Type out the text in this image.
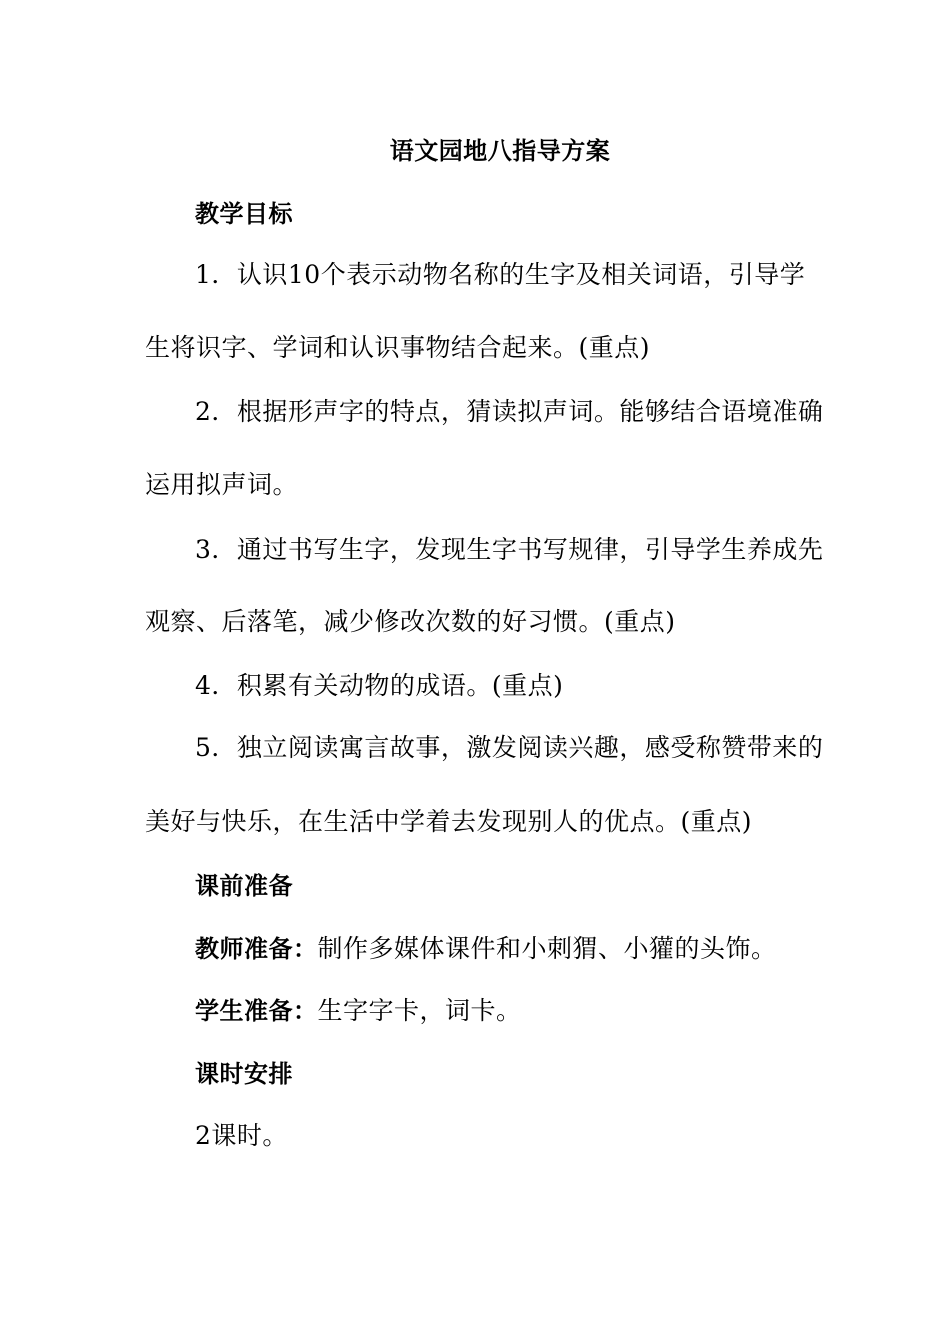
语文园地八指导方案
教学目标
1．认识10个表示动物名称的生字及相关词语，引导学
生将识字、学词和认识事物结合起来。(重点)
2．根据形声字的特点，猜读拟声词。能够结合语境准确
运用拟声词。
3．通过书写生字，发现生字书写规律，引导学生养成先
观察、后落笔，减少修改次数的好习惯。(重点)
4．积累有关动物的成语。(重点)
5．独立阅读寓言故事，激发阅读兴趣，感受称赞带来的
美好与快乐，在生活中学着去发现别人的优点。(重点)
课前准备
教师准备：制作多媒体课件和小刺猬、小獾的头饰。
学生准备：生字字卡，词卡。
课时安排
2课时。
